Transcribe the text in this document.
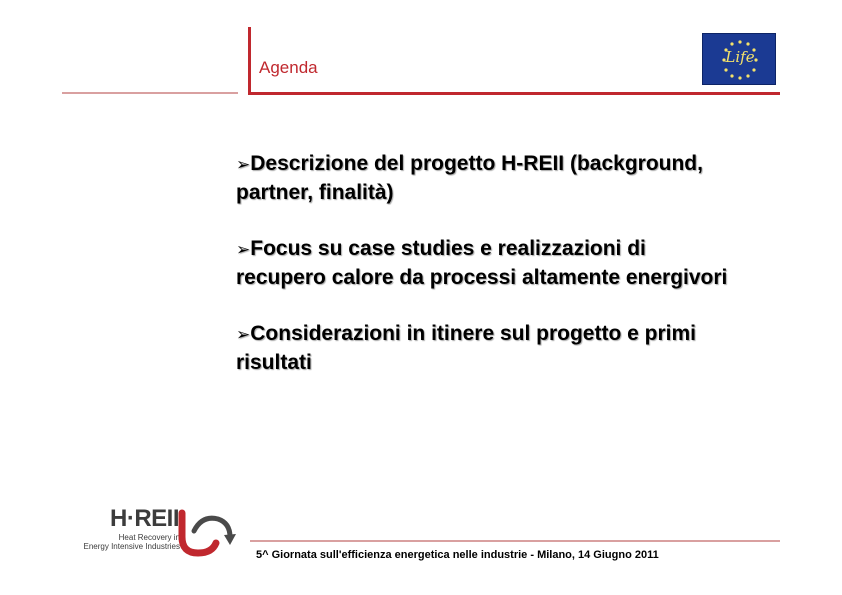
Agenda
Life
➢Descrizione del progetto H-REII (background, partner, finalità)
➢Focus su case studies e realizzazioni di recupero calore da processi altamente energivori
➢Considerazioni in itinere sul progetto e primi risultati
H·REII
Heat Recovery in
Energy Intensive Industries
5^ Giornata sull'efficienza energetica nelle industrie - Milano, 14 Giugno 2011
